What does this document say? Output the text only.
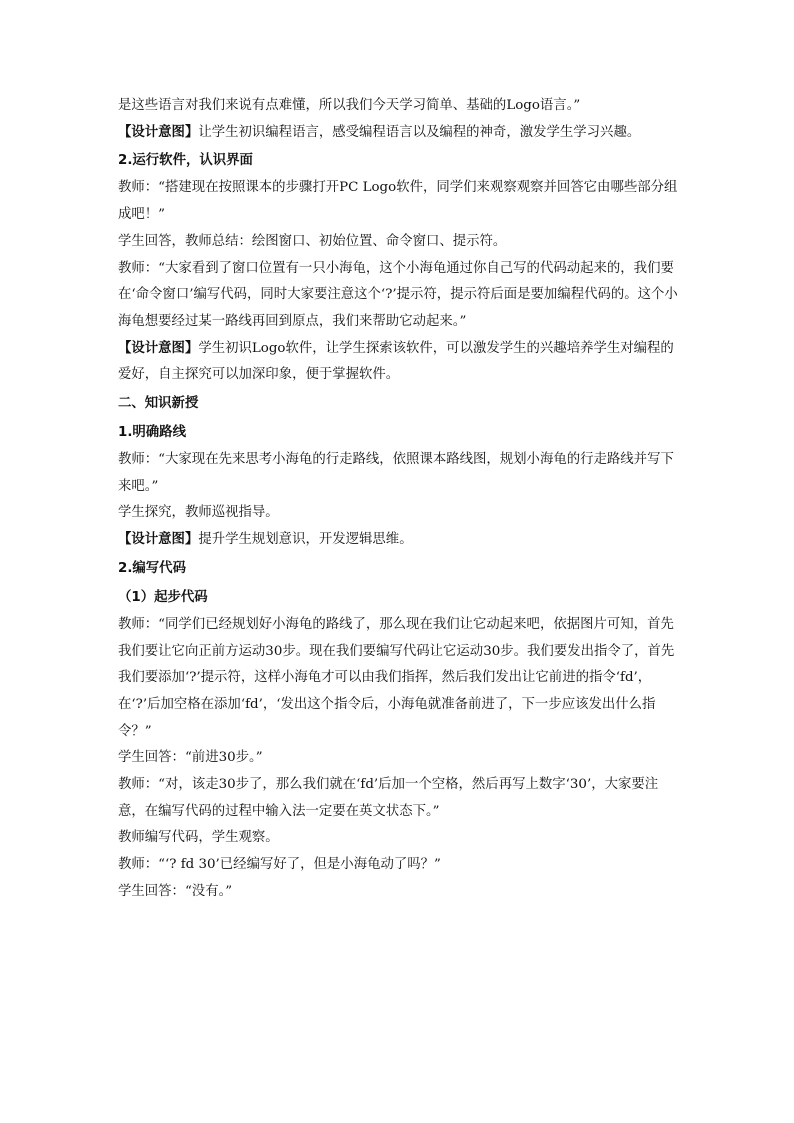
是这些语言对我们来说有点难懂，所以我们今天学习简单、基础的Logo语言。”

【设计意图】让学生初识编程语言，感受编程语言以及编程的神奇，激发学生学习兴趣。

2.运行软件，认识界面

教师：“搭建现在按照课本的步骤打开PC Logo软件，同学们来观察观察并回答它由哪些部分组成吧！”

学生回答，教师总结：绘图窗口、初始位置、命令窗口、提示符。

教师：“大家看到了窗口位置有一只小海龟，这个小海龟通过你自己写的代码动起来的，我们要在‘命令窗口’编写代码，同时大家要注意这个‘?’提示符，提示符后面是要加编程代码的。这个小海龟想要经过某一路线再回到原点，我们来帮助它动起来。”

【设计意图】学生初识Logo软件，让学生探索该软件，可以激发学生的兴趣培养学生对编程的爱好，自主探究可以加深印象，便于掌握软件。

二、知识新授

1.明确路线

教师：“大家现在先来思考小海龟的行走路线，依照课本路线图，规划小海龟的行走路线并写下来吧。”

学生探究，教师巡视指导。

【设计意图】提升学生规划意识，开发逻辑思维。

2.编写代码

（1）起步代码

教师：“同学们已经规划好小海龟的路线了，那么现在我们让它动起来吧，依据图片可知，首先我们要让它向正前方运动30步。现在我们要编写代码让它运动30步。我们要发出指令了，首先我们要添加‘?’提示符，这样小海龟才可以由我们指挥，然后我们发出让它前进的指令‘fd’，在‘?’后加空格在添加‘fd’，‘发出这个指令后，小海龟就准备前进了，下一步应该发出什么指令？”

学生回答：“前进30步。”

教师：“对，该走30步了，那么我们就在‘fd’后加一个空格，然后再写上数字‘30’，大家要注意，在编写代码的过程中输入法一定要在英文状态下。”

教师编写代码，学生观察。

教师：“‘? fd 30’已经编写好了，但是小海龟动了吗？”

学生回答：“没有。”
